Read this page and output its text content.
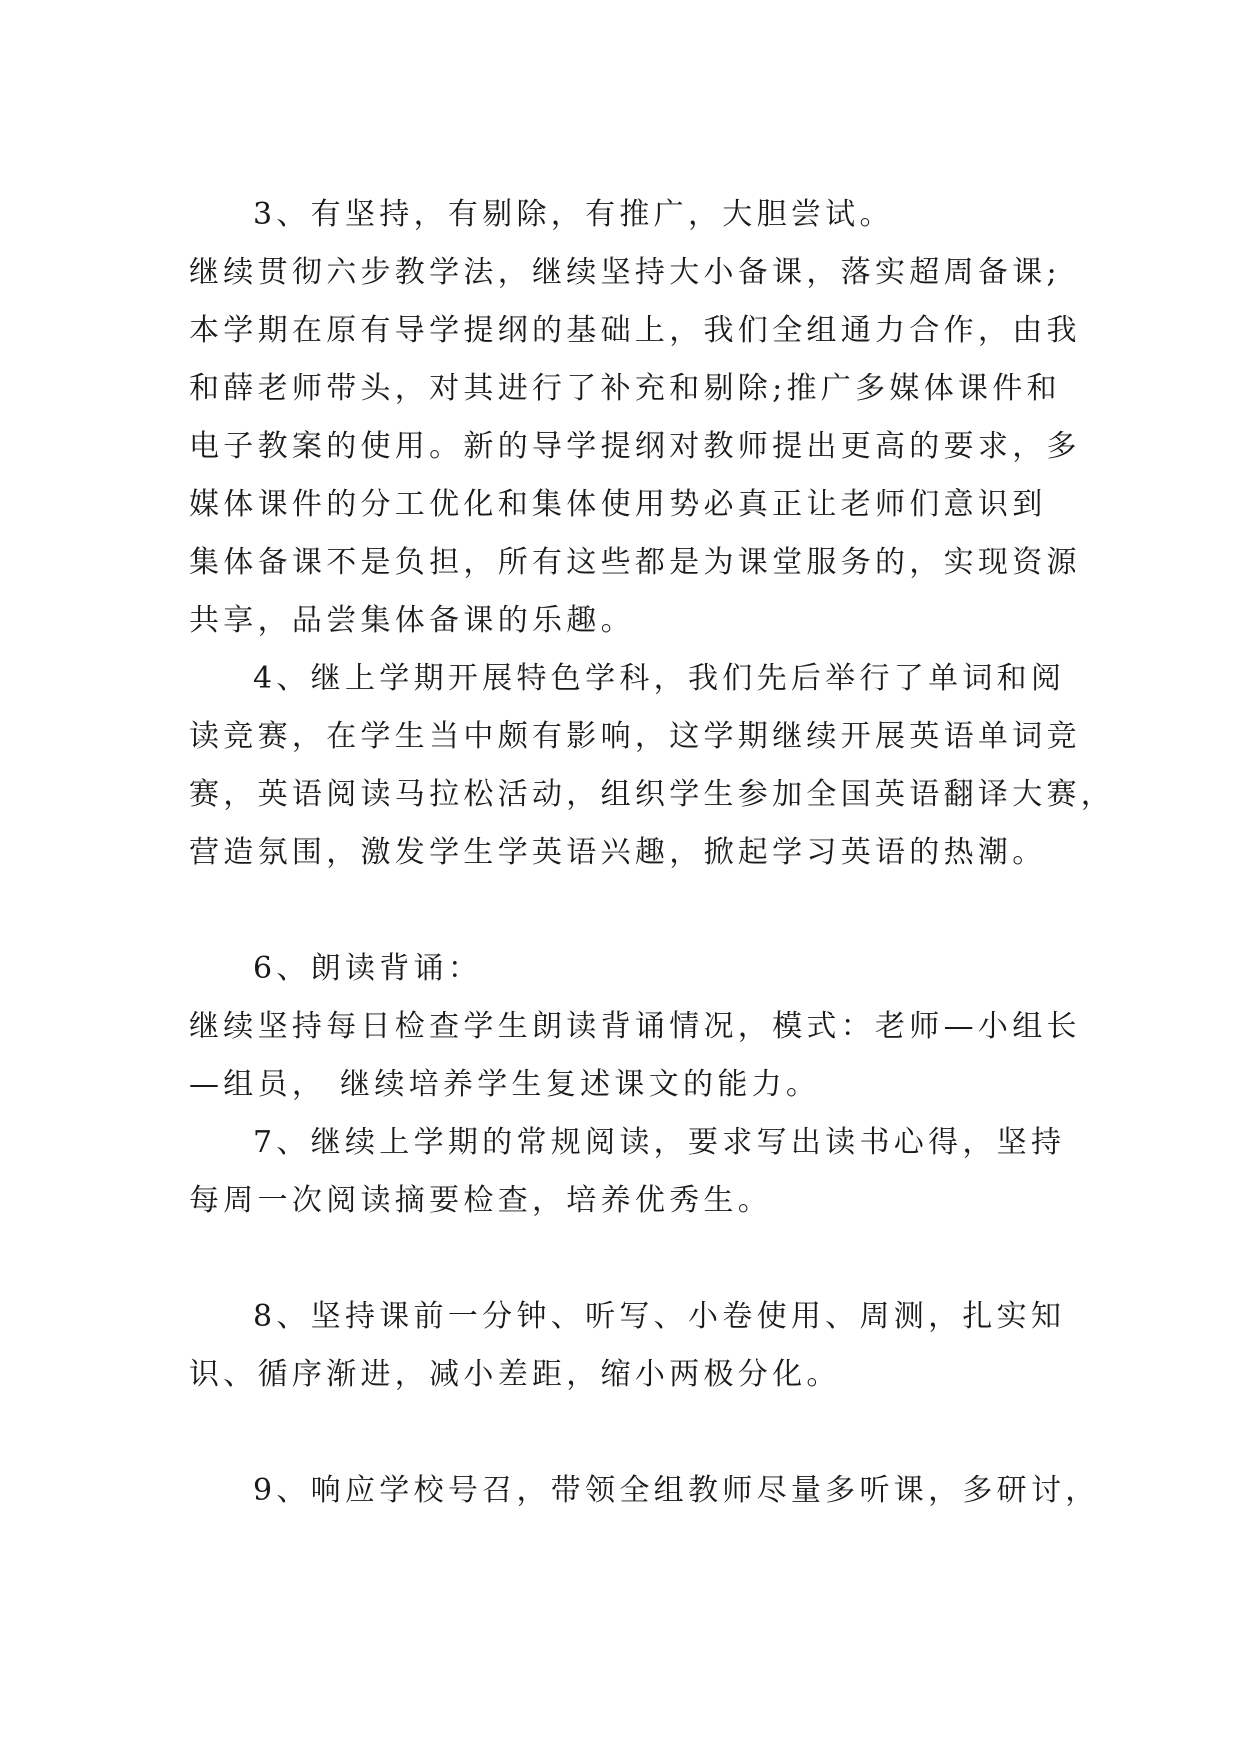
3、有坚持，有剔除，有推广，大胆尝试。
继续贯彻六步教学法，继续坚持大小备课，落实超周备课;
本学期在原有导学提纲的基础上，我们全组通力合作，由我
和薛老师带头，对其进行了补充和剔除;推广多媒体课件和
电子教案的使用。新的导学提纲对教师提出更高的要求，多
媒体课件的分工优化和集体使用势必真正让老师们意识到
集体备课不是负担，所有这些都是为课堂服务的，实现资源
共享，品尝集体备课的乐趣。
4、继上学期开展特色学科，我们先后举行了单词和阅
读竞赛，在学生当中颇有影响，这学期继续开展英语单词竞
赛，英语阅读马拉松活动，组织学生参加全国英语翻译大赛，
营造氛围，激发学生学英语兴趣，掀起学习英语的热潮。
6、朗读背诵：
继续坚持每日检查学生朗读背诵情况，模式：老师—小组长
—组员， 继续培养学生复述课文的能力。
7、继续上学期的常规阅读，要求写出读书心得，坚持
每周一次阅读摘要检查，培养优秀生。
8、坚持课前一分钟、听写、小卷使用、周测，扎实知
识、循序渐进，减小差距，缩小两极分化。
9、响应学校号召，带领全组教师尽量多听课，多研讨，
